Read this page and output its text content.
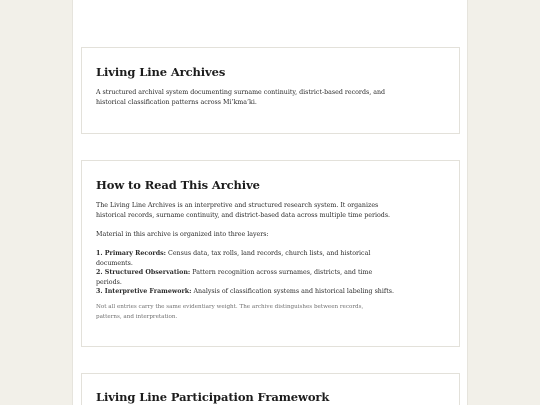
Living Line Archives

A structured archival system documenting surname continuity, district-based records, and historical classification patterns across Mi’kma’ki.

How to Read This Archive

The Living Line Archives is an interpretive and structured research system. It organizes historical records, surname continuity, and district-based data across multiple time periods.

Material in this archive is organized into three layers:

1. Primary Records: Census data, tax rolls, land records, church lists, and historical documents.

2. Structured Observation: Pattern recognition across surnames, districts, and time periods.

3. Interpretive Framework: Analysis of classification systems and historical labeling shifts.

Not all entries carry the same evidentiary weight. The archive distinguishes between records, patterns, and interpretation.

Living Line Participation Framework
